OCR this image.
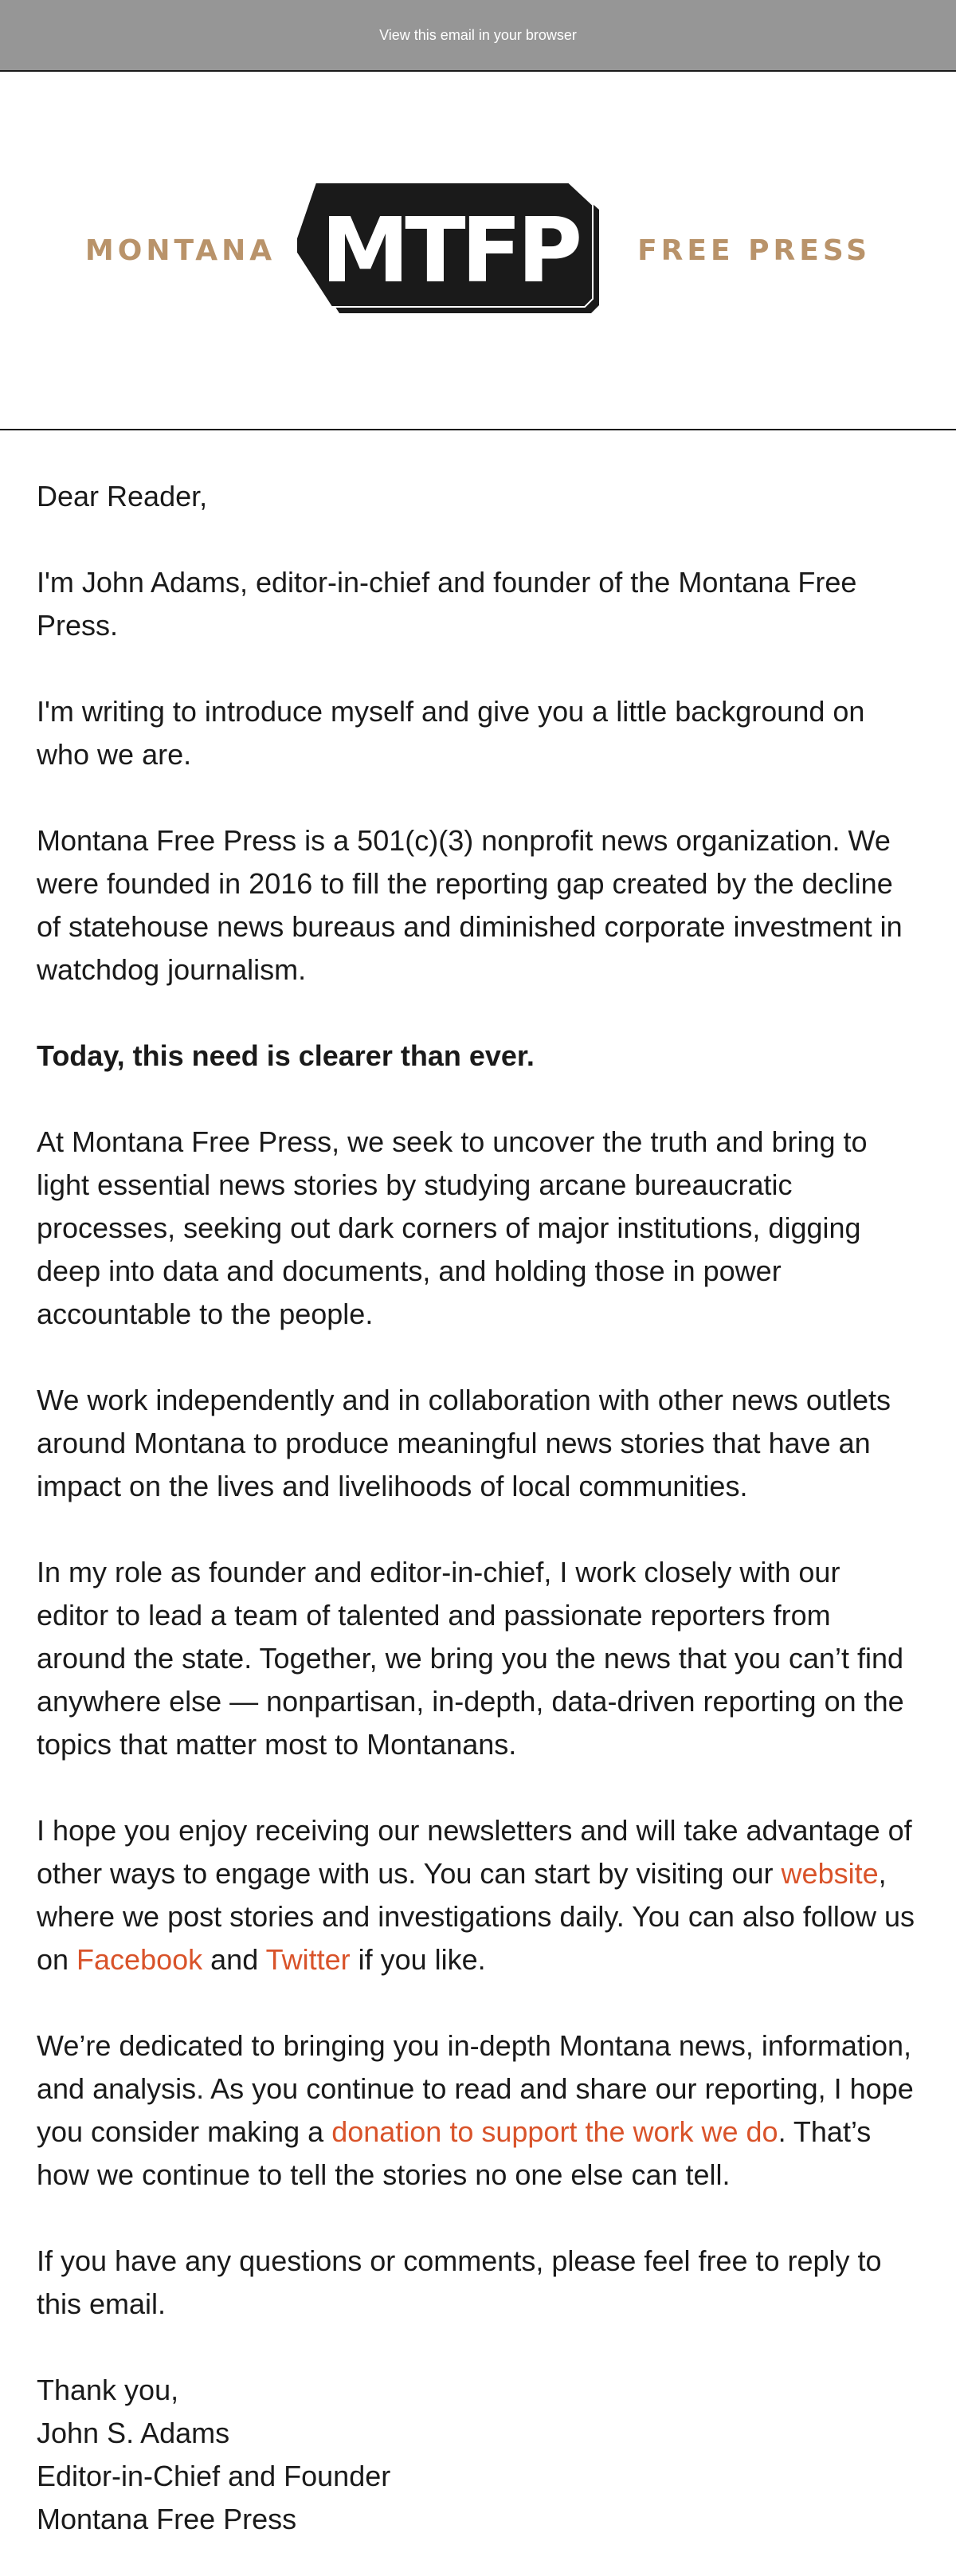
View this email in your browser
MONTANA MTFP FREE PRESS

Dear Reader,

I'm John Adams, editor-in-chief and founder of the Montana Free Press.

I'm writing to introduce myself and give you a little background on who we are.

Montana Free Press is a 501(c)(3) nonprofit news organization. We were founded in 2016 to fill the reporting gap created by the decline of statehouse news bureaus and diminished corporate investment in watchdog journalism.

Today, this need is clearer than ever.

At Montana Free Press, we seek to uncover the truth and bring to light essential news stories by studying arcane bureaucratic processes, seeking out dark corners of major institutions, digging deep into data and documents, and holding those in power accountable to the people.

We work independently and in collaboration with other news outlets around Montana to produce meaningful news stories that have an impact on the lives and livelihoods of local communities.

In my role as founder and editor-in-chief, I work closely with our editor to lead a team of talented and passionate reporters from around the state. Together, we bring you the news that you can’t find anywhere else — nonpartisan, in-depth, data-driven reporting on the topics that matter most to Montanans.

I hope you enjoy receiving our newsletters and will take advantage of other ways to engage with us. You can start by visiting our website, where we post stories and investigations daily. You can also follow us on Facebook and Twitter if you like.

We’re dedicated to bringing you in-depth Montana news, information, and analysis. As you continue to read and share our reporting, I hope you consider making a donation to support the work we do. That’s how we continue to tell the stories no one else can tell.

If you have any questions or comments, please feel free to reply to this email.

Thank you,
John S. Adams
Editor-in-Chief and Founder
Montana Free Press
